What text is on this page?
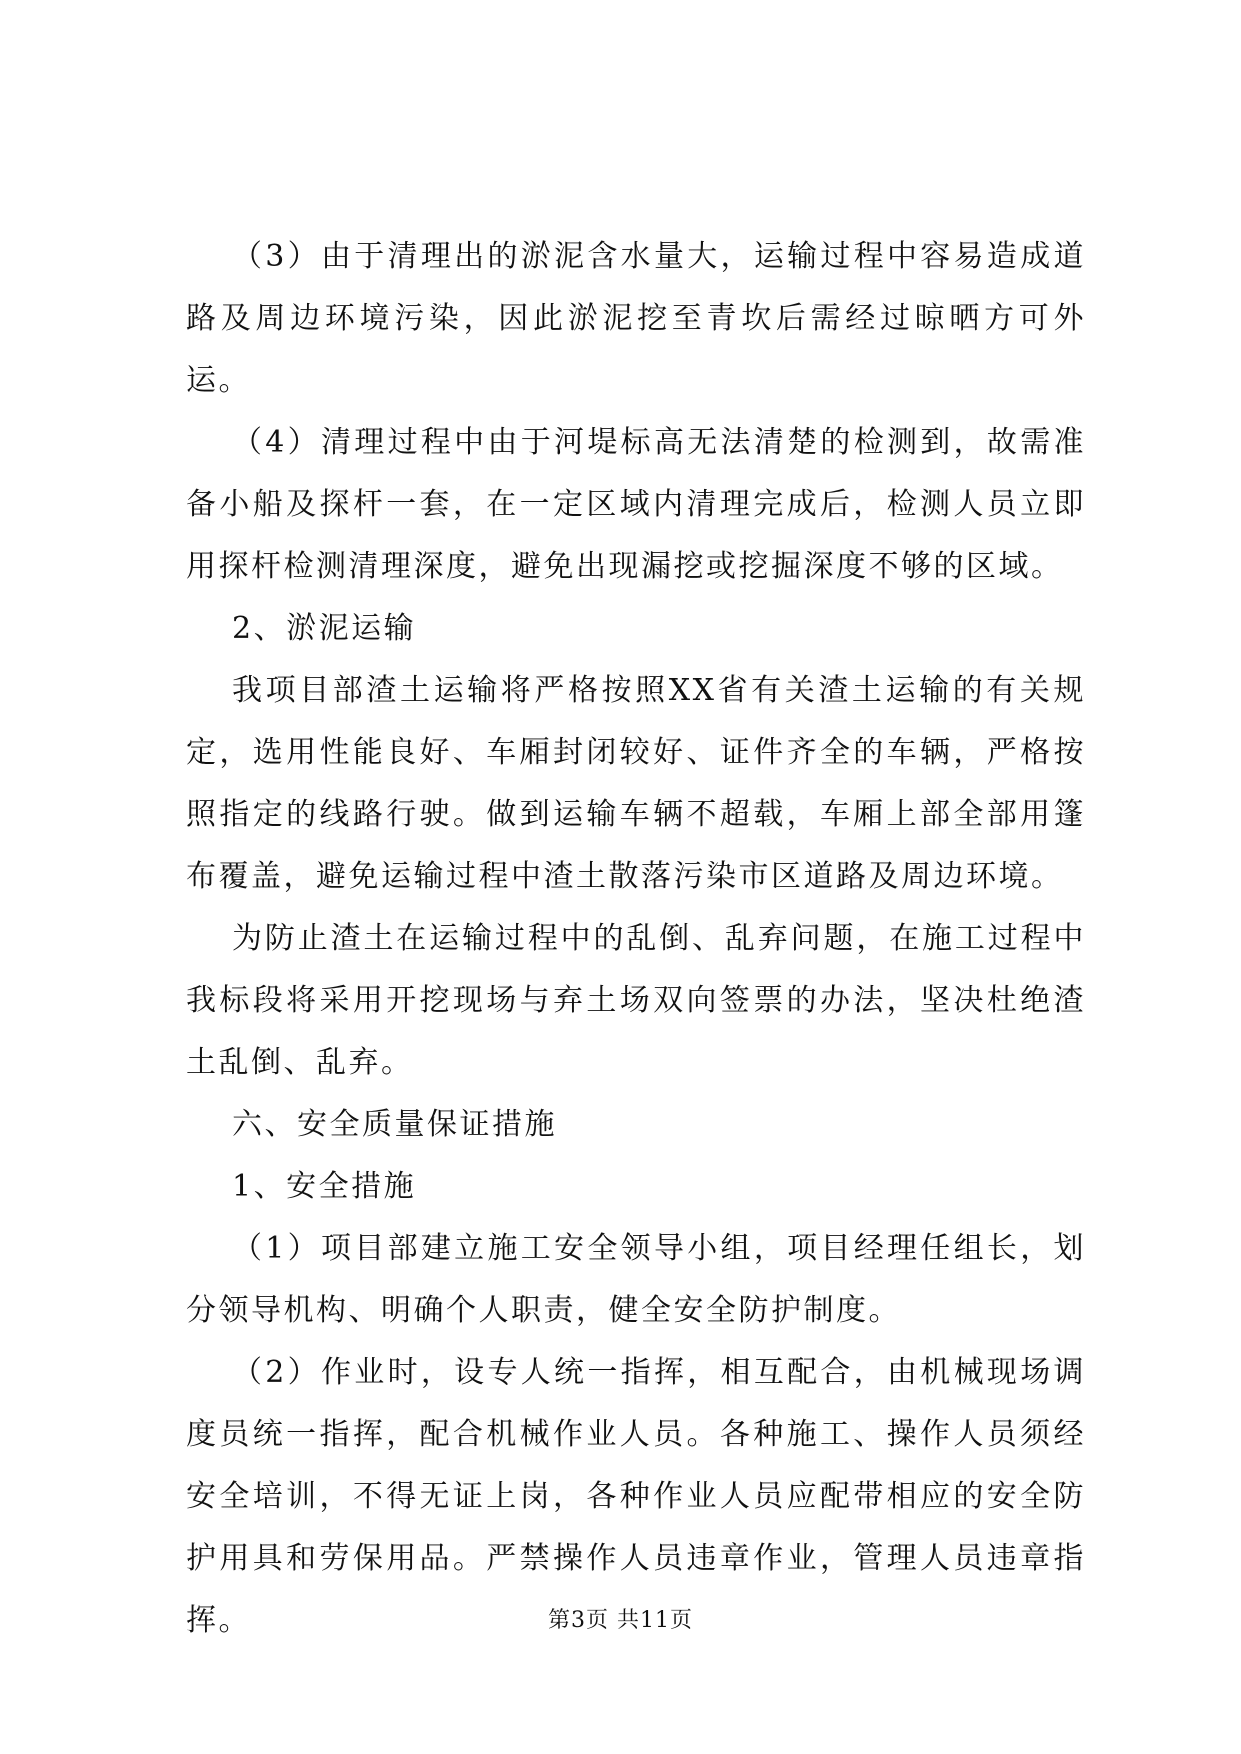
（3）由于清理出的淤泥含水量大，运输过程中容易造成道路及周边环境污染，因此淤泥挖至青坎后需经过晾晒方可外运。

（4）清理过程中由于河堤标高无法清楚的检测到，故需准备小船及探杆一套，在一定区域内清理完成后，检测人员立即用探杆检测清理深度，避免出现漏挖或挖掘深度不够的区域。

2、淤泥运输

我项目部渣土运输将严格按照XX省有关渣土运输的有关规定，选用性能良好、车厢封闭较好、证件齐全的车辆，严格按照指定的线路行驶。做到运输车辆不超载，车厢上部全部用篷布覆盖，避免运输过程中渣土散落污染市区道路及周边环境。

为防止渣土在运输过程中的乱倒、乱弃问题，在施工过程中我标段将采用开挖现场与弃土场双向签票的办法，坚决杜绝渣土乱倒、乱弃。

六、安全质量保证措施

1、安全措施

（1）项目部建立施工安全领导小组，项目经理任组长，划分领导机构、明确个人职责，健全安全防护制度。

（2）作业时，设专人统一指挥，相互配合，由机械现场调度员统一指挥，配合机械作业人员。各种施工、操作人员须经安全培训，不得无证上岗，各种作业人员应配带相应的安全防护用具和劳保用品。严禁操作人员违章作业，管理人员违章指挥。	第3页 共11页
